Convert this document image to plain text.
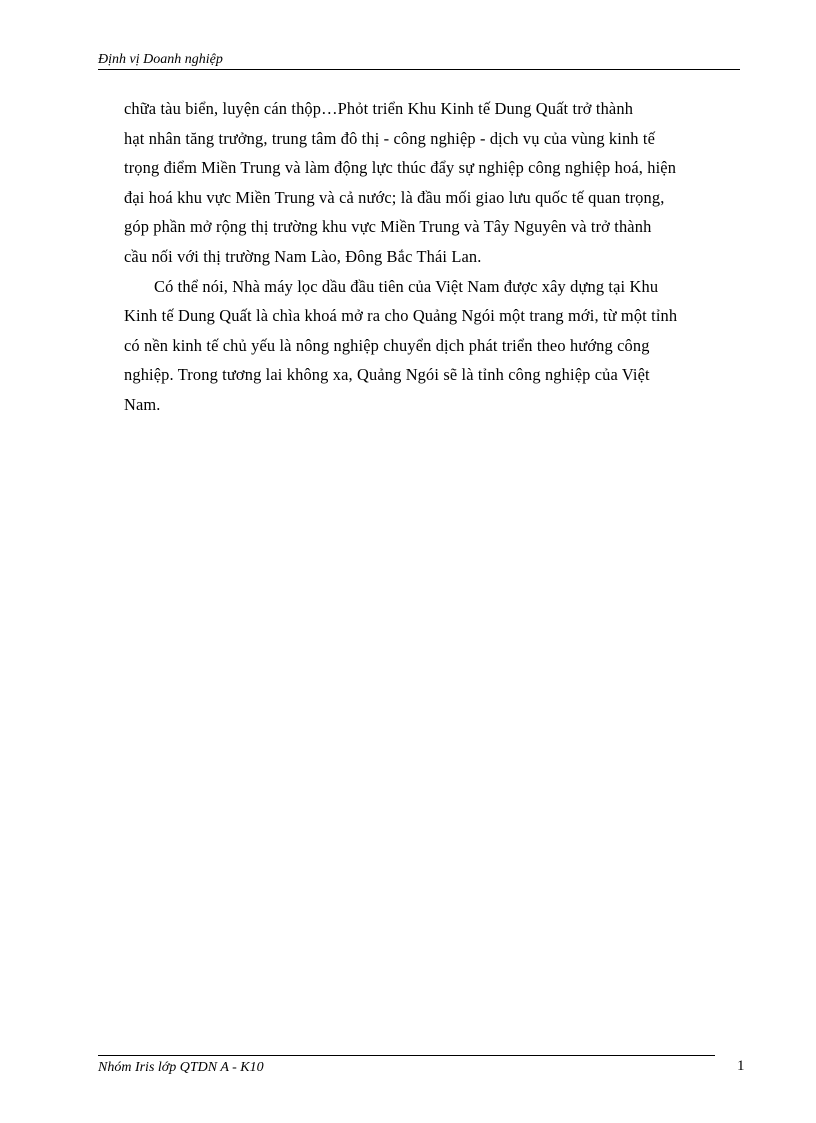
Định vị Doanh nghiệp

chữa tàu biển, luyện cán thộp…Phỏt triển Khu Kinh tế Dung Quất trở thành
hạt nhân tăng trưởng, trung tâm đô thị - công nghiệp - dịch vụ của vùng kinh tế
trọng điểm Miền Trung và làm động lực thúc đẩy sự nghiệp công nghiệp hoá, hiện
đại hoá khu vực Miền Trung và cả nước; là đầu mối giao lưu quốc tế quan trọng,
góp phần mở rộng thị trường khu vực Miền Trung và Tây Nguyên và trở thành
cầu nối với thị trường Nam Lào, Đông Bắc Thái Lan.

Có thể nói, Nhà máy lọc dầu đầu tiên của Việt Nam được xây dựng tại Khu
Kinh tế Dung Quất là chìa khoá mở ra cho Quảng Ngói một trang mới, từ một tỉnh
có nền kinh tế chủ yếu là nông nghiệp chuyển dịch phát triển theo hướng công
nghiệp. Trong tương lai không xa, Quảng Ngói sẽ là tỉnh công nghiệp của Việt
Nam.

Nhóm Iris lớp QTDN A - K10	1
